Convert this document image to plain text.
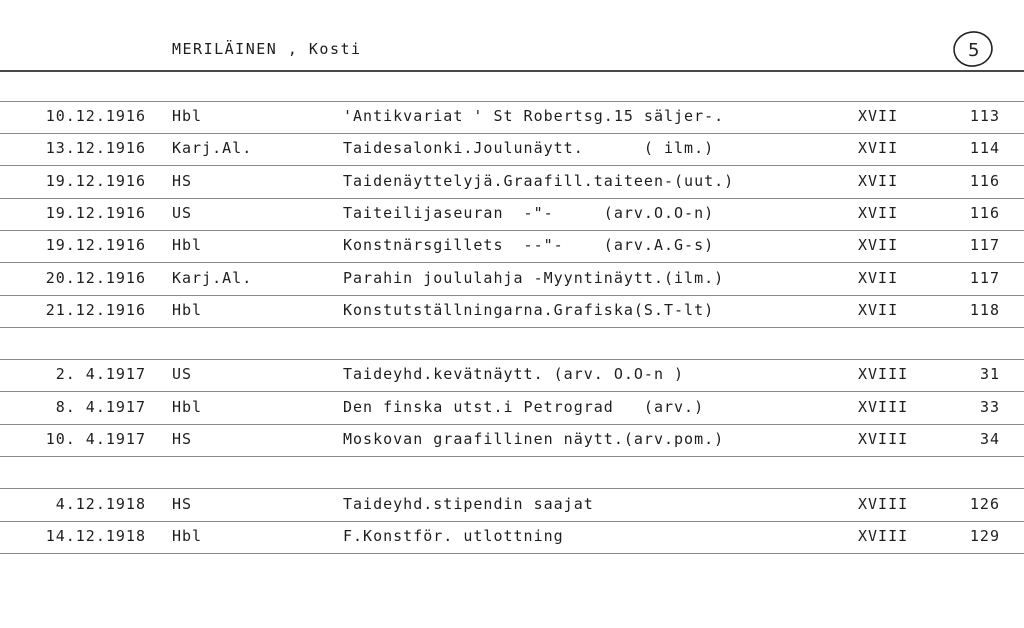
MERILÄINEN , Kosti	5
10.12.1916 Hbl	'Antikvariat ' St Robertsg.15 säljer-.	XVII	113
13.12.1916 Karj.Al.	Taidesalonki.Joulunäytt.      ( ilm.)	XVII	114
19.12.1916 HS	Taidenäyttelyjä.Graafill.taiteen-(uut.)	XVII	116
19.12.1916 US	Taiteilijaseuran  -"-     (arv.O.O-n)	XVII	116
19.12.1916 Hbl	Konstnärsgillets  --"-    (arv.A.G-s)	XVII	117
20.12.1916 Karj.Al.	Parahin joululahja -Myyntinäytt.(ilm.)	XVII	117
21.12.1916 Hbl	Konstutställningarna.Grafiska(S.T-lt)	XVII	118
2. 4.1917 US	Taideyhd.kevätnäytt. (arv. O.O-n )	XVIII	31
8. 4.1917 Hbl	Den finska utst.i Petrograd   (arv.)	XVIII	33
10. 4.1917 HS	Moskovan graafillinen näytt.(arv.pom.)	XVIII	34
4.12.1918 HS	Taideyhd.stipendin saajat	XVIII	126
14.12.1918 Hbl	F.Konstför. utlottning	XVIII	129
